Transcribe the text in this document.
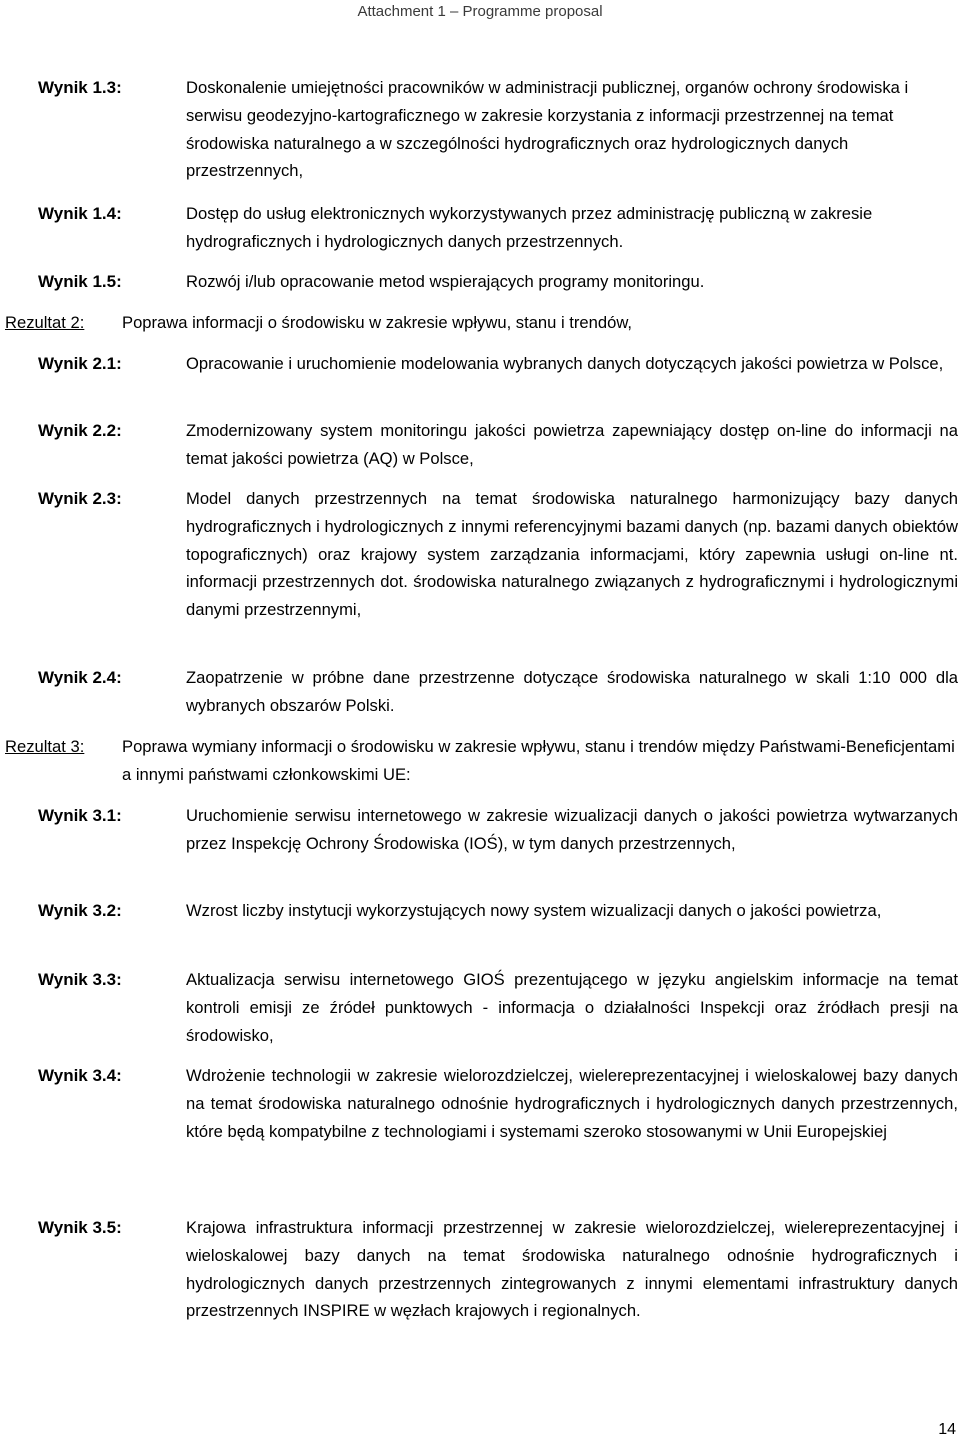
Attachment 1 – Programme proposal
Wynik 1.3:	Doskonalenie umiejętności pracowników w administracji publicznej, organów ochrony środowiska i serwisu geodezyjno-kartograficznego w zakresie korzystania z informacji przestrzennej na temat środowiska naturalnego a w szczególności hydrograficznych oraz hydrologicznych danych przestrzennych,
Wynik 1.4:	Dostęp do usług elektronicznych wykorzystywanych przez administrację publiczną w zakresie hydrograficznych i hydrologicznych danych przestrzennych.
Wynik 1.5:	Rozwój i/lub opracowanie metod wspierających programy monitoringu.
Rezultat 2:	Poprawa informacji o środowisku w zakresie wpływu, stanu i trendów,
Wynik 2.1:	Opracowanie i uruchomienie modelowania wybranych danych dotyczących jakości powietrza w Polsce,
Wynik 2.2:	Zmodernizowany system monitoringu jakości powietrza zapewniający dostęp on-line do informacji na temat jakości powietrza (AQ) w Polsce,
Wynik 2.3:	Model danych przestrzennych na temat środowiska naturalnego harmonizujący bazy danych hydrograficznych i hydrologicznych z innymi referencyjnymi bazami danych (np. bazami danych obiektów topograficznych) oraz krajowy system zarządzania informacjami, który zapewnia usługi on-line nt. informacji przestrzennych dot. środowiska naturalnego związanych z hydrograficznymi i hydrologicznymi danymi przestrzennymi,
Wynik 2.4:	Zaopatrzenie w próbne dane przestrzenne dotyczące środowiska naturalnego w skali 1:10 000 dla wybranych obszarów Polski.
Rezultat 3:	Poprawa wymiany informacji o środowisku w zakresie wpływu, stanu i trendów między Państwami-Beneficjentami a innymi państwami członkowskimi UE:
Wynik 3.1:	Uruchomienie serwisu internetowego w zakresie wizualizacji danych o jakości powietrza wytwarzanych przez Inspekcję Ochrony Środowiska (IOŚ), w tym danych przestrzennych,
Wynik 3.2:	Wzrost liczby instytucji wykorzystujących nowy system wizualizacji danych o jakości powietrza,
Wynik 3.3:	Aktualizacja serwisu internetowego GIOŚ prezentującego w języku angielskim informacje na temat kontroli emisji ze źródeł punktowych - informacja o działalności Inspekcji oraz źródłach presji na środowisko,
Wynik 3.4:	Wdrożenie technologii w zakresie wielorozdzielczej, wielereprezentacyjnej i wieloskalowej bazy danych na temat środowiska naturalnego odnośnie hydrograficznych i hydrologicznych danych przestrzennych, które będą kompatybilne z technologiami i systemami szeroko stosowanymi w Unii Europejskiej
Wynik 3.5:	Krajowa infrastruktura informacji przestrzennej w zakresie wielorozdzielczej, wielereprezentacyjnej i wieloskalowej bazy danych na temat środowiska naturalnego odnośnie hydrograficznych i hydrologicznych danych przestrzennych zintegrowanych z innymi elementami infrastruktury danych przestrzennych INSPIRE w węzłach krajowych i regionalnych.
14
